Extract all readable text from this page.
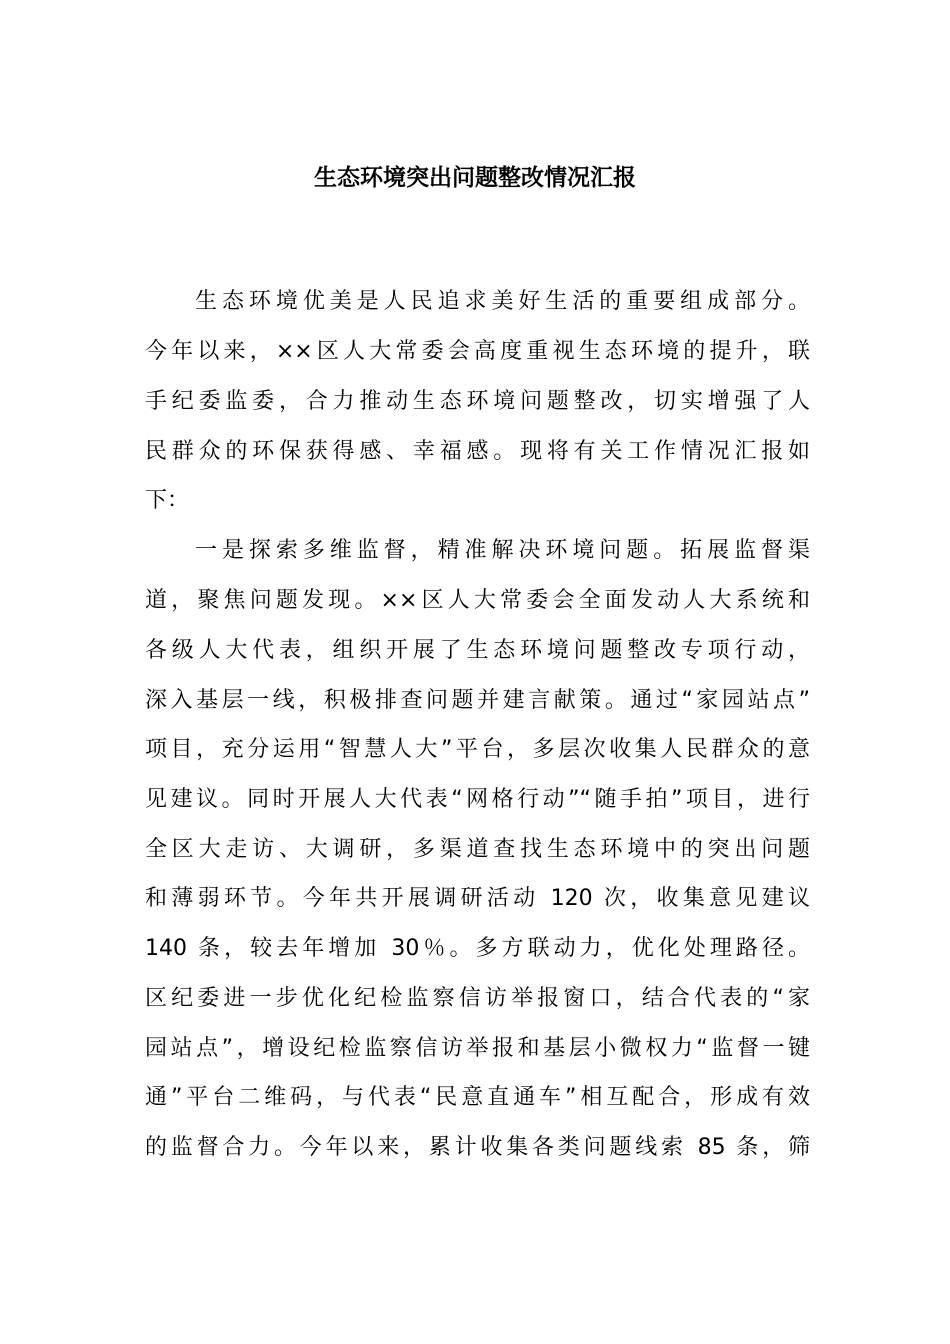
生态环境突出问题整改情况汇报

生态环境优美是人民追求美好生活的重要组成部分。

今年以来，××区人大常委会高度重视生态环境的提升，联

手纪委监委，合力推动生态环境问题整改，切实增强了人

民群众的环保获得感、幸福感。现将有关工作情况汇报如

下：

一是探索多维监督，精准解决环境问题。拓展监督渠

道，聚焦问题发现。××区人大常委会全面发动人大系统和

各级人大代表，组织开展了生态环境问题整改专项行动，

深入基层一线，积极排查问题并建言献策。通过“家园站点”

项目，充分运用“智慧人大”平台，多层次收集人民群众的意

见建议。同时开展人大代表“网格行动”“随手拍”项目，进行

全区大走访、大调研，多渠道查找生态环境中的突出问题

和薄弱环节。今年共开展调研活动 120 次，收集意见建议

140 条，较去年增加 30％。多方联动力，优化处理路径。

区纪委进一步优化纪检监察信访举报窗口，结合代表的“家

园站点”，增设纪检监察信访举报和基层小微权力“监督一键

通”平台二维码，与代表“民意直通车”相互配合，形成有效

的监督合力。今年以来，累计收集各类问题线索 85 条，筛
